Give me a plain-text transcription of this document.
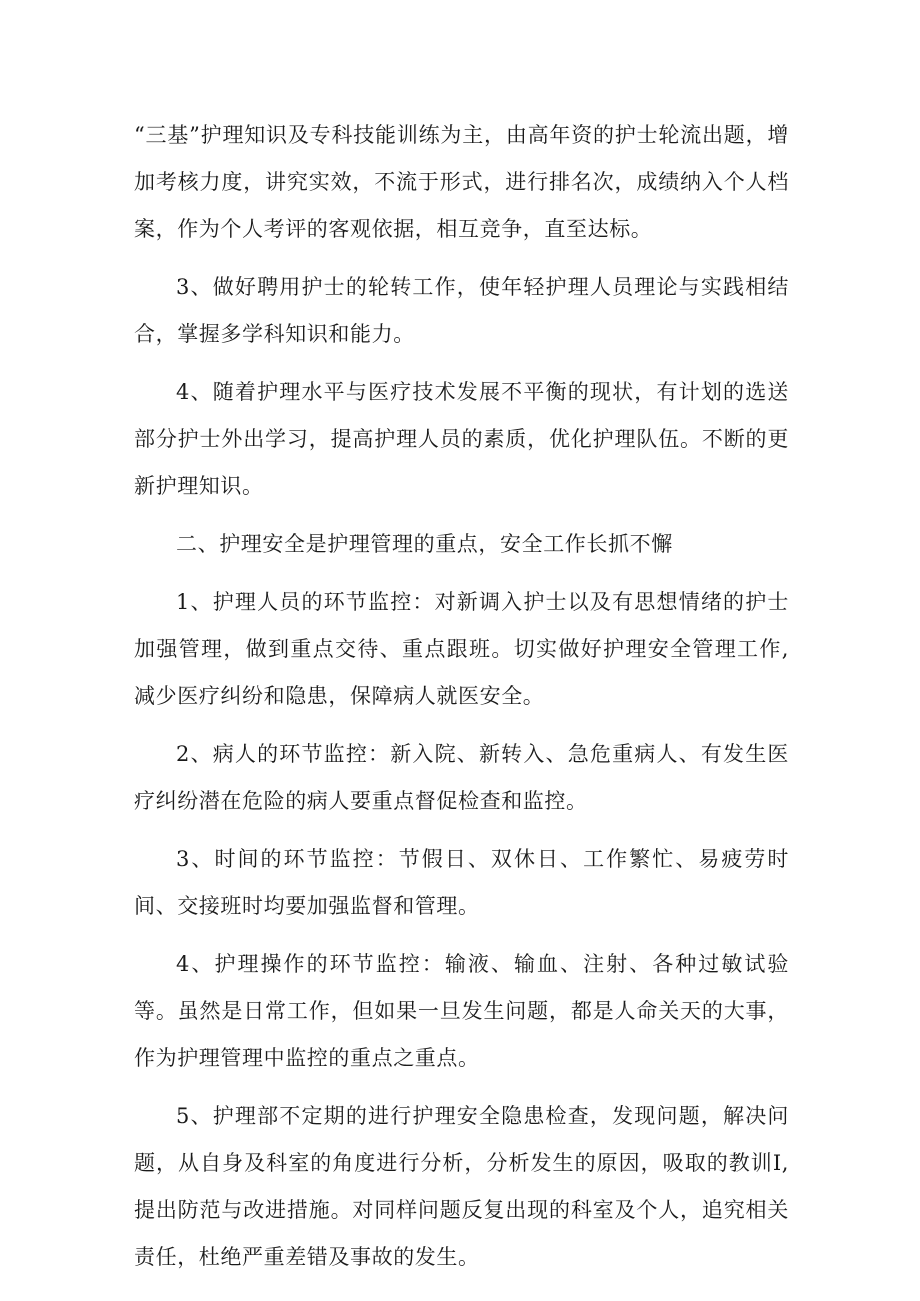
“三基”护理知识及专科技能训练为主，由高年资的护士轮流出题，增加考核力度，讲究实效，不流于形式，进行排名次，成绩纳入个人档案，作为个人考评的客观依据，相互竞争，直至达标。

3、做好聘用护士的轮转工作，使年轻护理人员理论与实践相结合，掌握多学科知识和能力。

4、随着护理水平与医疗技术发展不平衡的现状，有计划的选送部分护士外出学习，提高护理人员的素质，优化护理队伍。不断的更新护理知识。

二、护理安全是护理管理的重点，安全工作长抓不懈

1、护理人员的环节监控：对新调入护士以及有思想情绪的护士加强管理，做到重点交待、重点跟班。切实做好护理安全管理工作,减少医疗纠纷和隐患，保障病人就医安全。

2、病人的环节监控：新入院、新转入、急危重病人、有发生医疗纠纷潜在危险的病人要重点督促检查和监控。

3、时间的环节监控：节假日、双休日、工作繁忙、易疲劳时间、交接班时均要加强监督和管理。

4、护理操作的环节监控：输液、输血、注射、各种过敏试验等。虽然是日常工作，但如果一旦发生问题，都是人命关天的大事，作为护理管理中监控的重点之重点。

5、护理部不定期的进行护理安全隐患检查，发现问题，解决问题，从自身及科室的角度进行分析，分析发生的原因，吸取的教训I,提出防范与改进措施。对同样问题反复出现的科室及个人，追究相关责任，杜绝严重差错及事故的发生。
